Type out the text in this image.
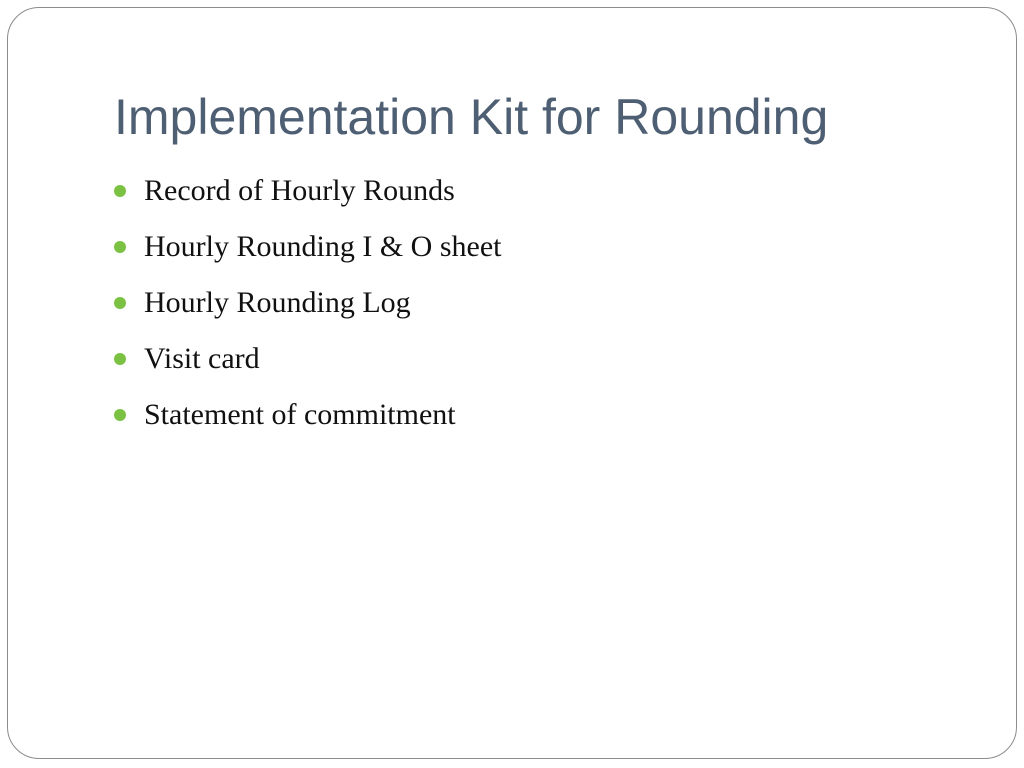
Implementation Kit for Rounding
Record of Hourly Rounds
Hourly Rounding I & O sheet
Hourly Rounding Log
Visit card
Statement of commitment
